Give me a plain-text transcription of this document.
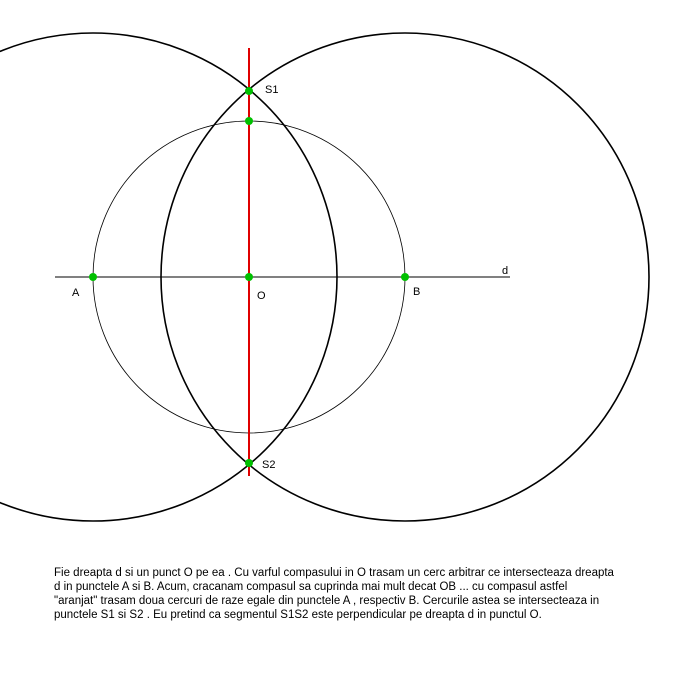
d
A	O	B
S1
S2
Fie dreapta d si un punct O pe ea . Cu varful compasului in O trasam un cerc arbitrar ce intersecteaza dreapta
d in punctele A si B. Acum, cracanam compasul sa cuprinda mai mult decat OB ... cu compasul astfel
"aranjat" trasam doua cercuri de raze egale din punctele A , respectiv B. Cercurile astea se intersecteaza in
punctele S1 si S2 . Eu pretind ca segmentul S1S2 este perpendicular pe dreapta d in punctul O.
